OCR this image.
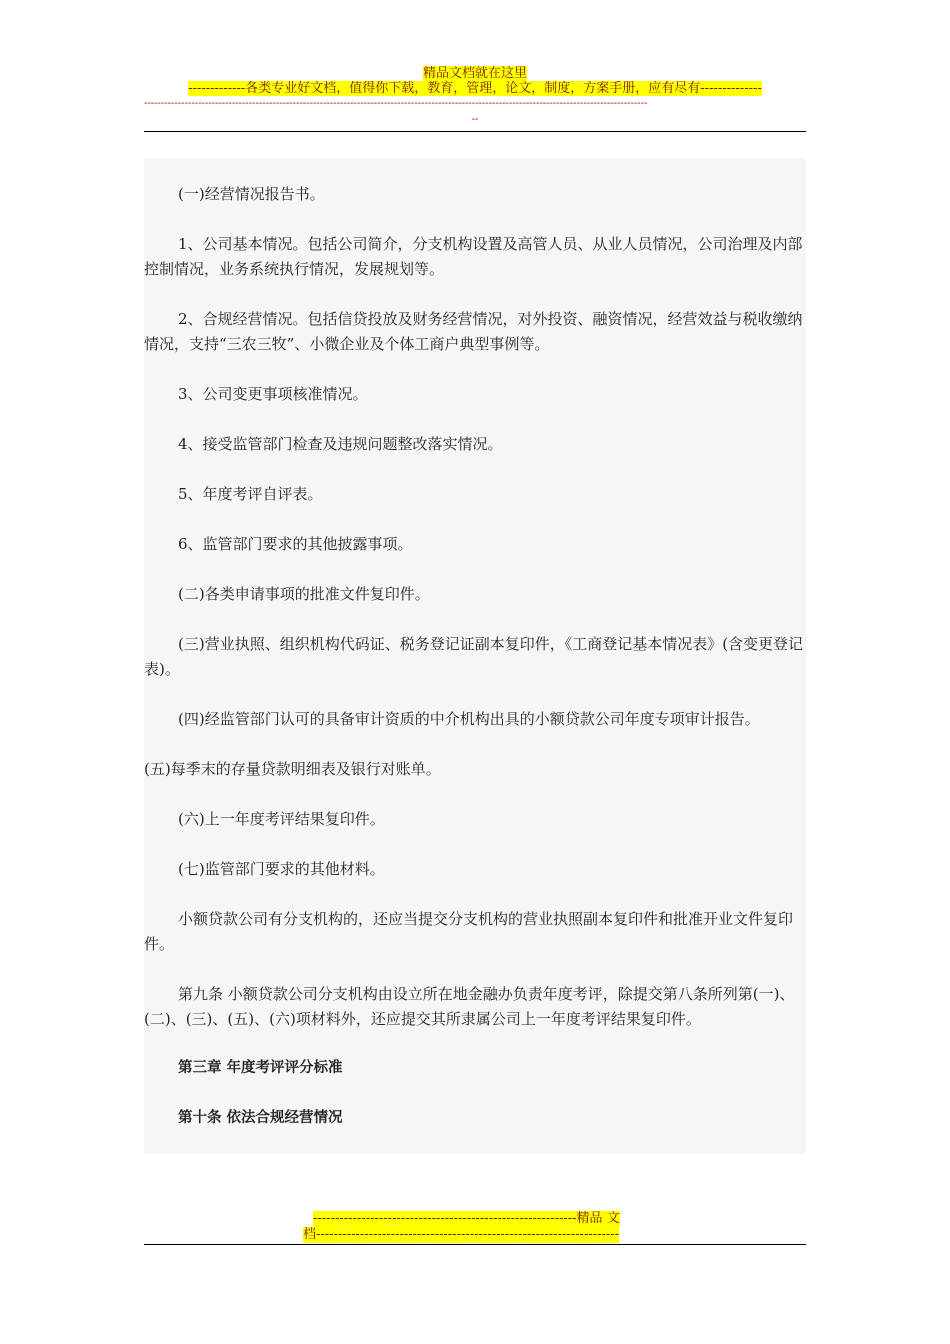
精品文档就在这里
-------------各类专业好文档，值得你下载，教育，管理，论文，制度，方案手册，应有尽有--------------
-----------------------------------------------------------------------------------------------------------------------------------------------------
--
(一)经营情况报告书。
1、公司基本情况。包括公司简介，分支机构设置及高管人员、从业人员情况，公司治理及内部控制情况，业务系统执行情况，发展规划等。
2、合规经营情况。包括信贷投放及财务经营情况，对外投资、融资情况，经营效益与税收缴纳情况，支持“三农三牧”、小微企业及个体工商户典型事例等。
3、公司变更事项核准情况。
4、接受监管部门检查及违规问题整改落实情况。
5、年度考评自评表。
6、监管部门要求的其他披露事项。
(二)各类申请事项的批准文件复印件。
(三)营业执照、组织机构代码证、税务登记证副本复印件，《工商登记基本情况表》(含变更登记表)。
(四)经监管部门认可的具备审计资质的中介机构出具的小额贷款公司年度专项审计报告。
(五)每季末的存量贷款明细表及银行对账单。
(六)上一年度考评结果复印件。
(七)监管部门要求的其他材料。
小额贷款公司有分支机构的，还应当提交分支机构的营业执照副本复印件和批准开业文件复印件。
第九条 小额贷款公司分支机构由设立所在地金融办负责年度考评，除提交第八条所列第(一)、(二)、(三)、(五)、(六)项材料外，还应提交其所隶属公司上一年度考评结果复印件。
第三章 年度考评评分标准
第十条 依法合规经营情况
------------------------------------------------------------精品 文
档---------------------------------------------------------------------
